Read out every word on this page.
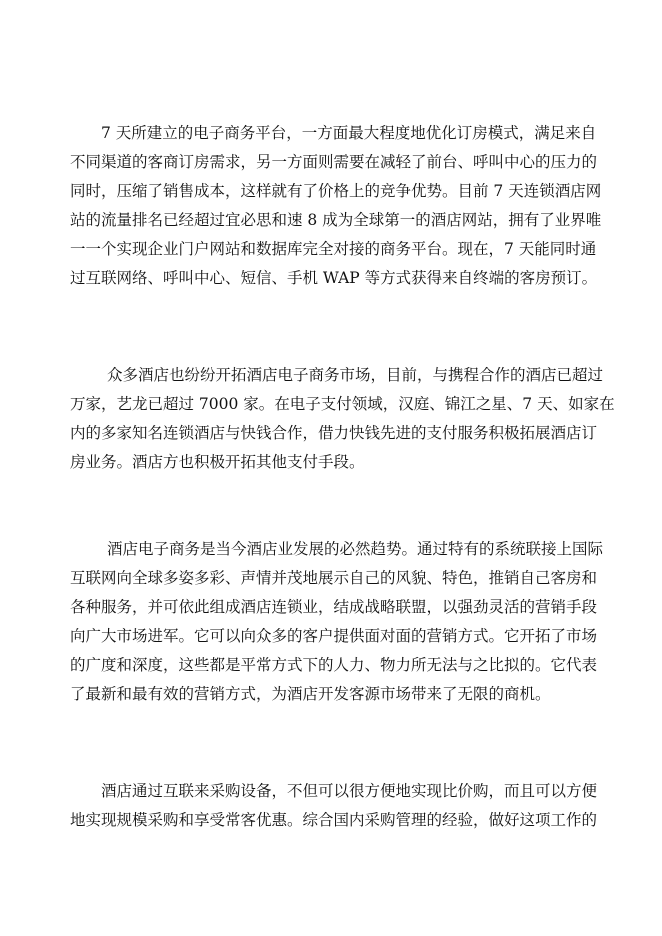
7 天所建立的电子商务平台，一方面最大程度地优化订房模式，满足来自
不同渠道的客商订房需求，另一方面则需要在减轻了前台、呼叫中心的压力的
同时，压缩了销售成本，这样就有了价格上的竞争优势。目前 7 天连锁酒店网
站的流量排名已经超过宜必思和速 8 成为全球第一的酒店网站，拥有了业界唯
一一个实现企业门户网站和数据库完全对接的商务平台。现在，7 天能同时通
过互联网络、呼叫中心、短信、手机 WAP 等方式获得来自终端的客房预订。

众多酒店也纷纷开拓酒店电子商务市场，目前，与携程合作的酒店已超过
万家，艺龙已超过 7000 家。在电子支付领域，汉庭、锦江之星、7 天、如家在
内的多家知名连锁酒店与快钱合作，借力快钱先进的支付服务积极拓展酒店订
房业务。酒店方也积极开拓其他支付手段。

酒店电子商务是当今酒店业发展的必然趋势。通过特有的系统联接上国际
互联网向全球多姿多彩、声情并茂地展示自己的风貌、特色，推销自己客房和
各种服务，并可依此组成酒店连锁业，结成战略联盟，以强劲灵活的营销手段
向广大市场进军。它可以向众多的客户提供面对面的营销方式。它开拓了市场
的广度和深度，这些都是平常方式下的人力、物力所无法与之比拟的。它代表
了最新和最有效的营销方式，为酒店开发客源市场带来了无限的商机。

酒店通过互联来采购设备，不但可以很方便地实现比价购，而且可以方便
地实现规模采购和享受常客优惠。综合国内采购管理的经验，做好这项工作的
